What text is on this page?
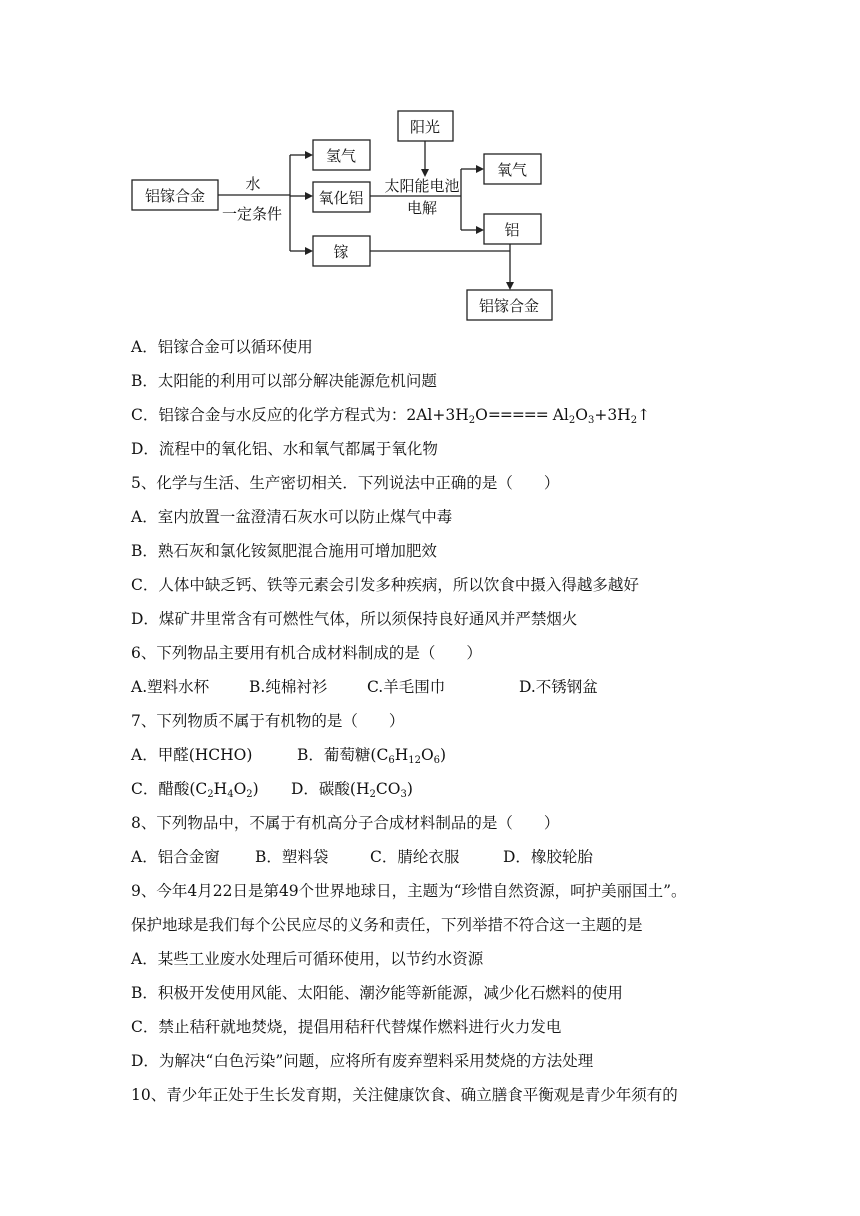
铝镓合金
水
一定条件
氢气
氧化铝
镓
阳光
太阳能电池
电解
氧气
铝
铝镓合金

A．铝镓合金可以循环使用

B．太阳能的利用可以部分解决能源危机问题

C．铝镓合金与水反应的化学方程式为：$2Al+3H_2O=====$ $Al_2O_3+3H_2↑$

D．流程中的氧化铝、水和氧气都属于氧化物

5、化学与生活、生产密切相关．下列说法中正确的是（　　）

A．室内放置一盆澄清石灰水可以防止煤气中毒

B．熟石灰和氯化铵氮肥混合施用可增加肥效

C．人体中缺乏钙、铁等元素会引发多种疾病，所以饮食中摄入得越多越好

D．煤矿井里常含有可燃性气体，所以须保持良好通风并严禁烟火

6、下列物品主要用有机合成材料制成的是（　　）

A.塑料水杯	B.纯棉衬衫	C.羊毛围巾	D.不锈钢盆

7、下列物质不属于有机物的是（　　）

A．甲醛(HCHO)	B．葡萄糖$(C_6H_{12}O_6)$

C．醋酸$(C_2H_4O_2)$ D．碳酸$(H_2CO_3)$

8、下列物品中，不属于有机高分子合成材料制品的是（　　）

A．铝合金窗 B．塑料袋	C．腈纶衣服	D．橡胶轮胎

9、今年4月22日是第49个世界地球日，主题为“珍惜自然资源，呵护美丽国土”。

保护地球是我们每个公民应尽的义务和责任，下列举措不符合这一主题的是

A．某些工业废水处理后可循环使用，以节约水资源

B．积极开发使用风能、太阳能、潮汐能等新能源，减少化石燃料的使用

C．禁止秸秆就地焚烧，提倡用秸秆代替煤作燃料进行火力发电

D．为解决“白色污染”问题，应将所有废弃塑料采用焚烧的方法处理

10、青少年正处于生长发育期，关注健康饮食、确立膳食平衡观是青少年须有的
